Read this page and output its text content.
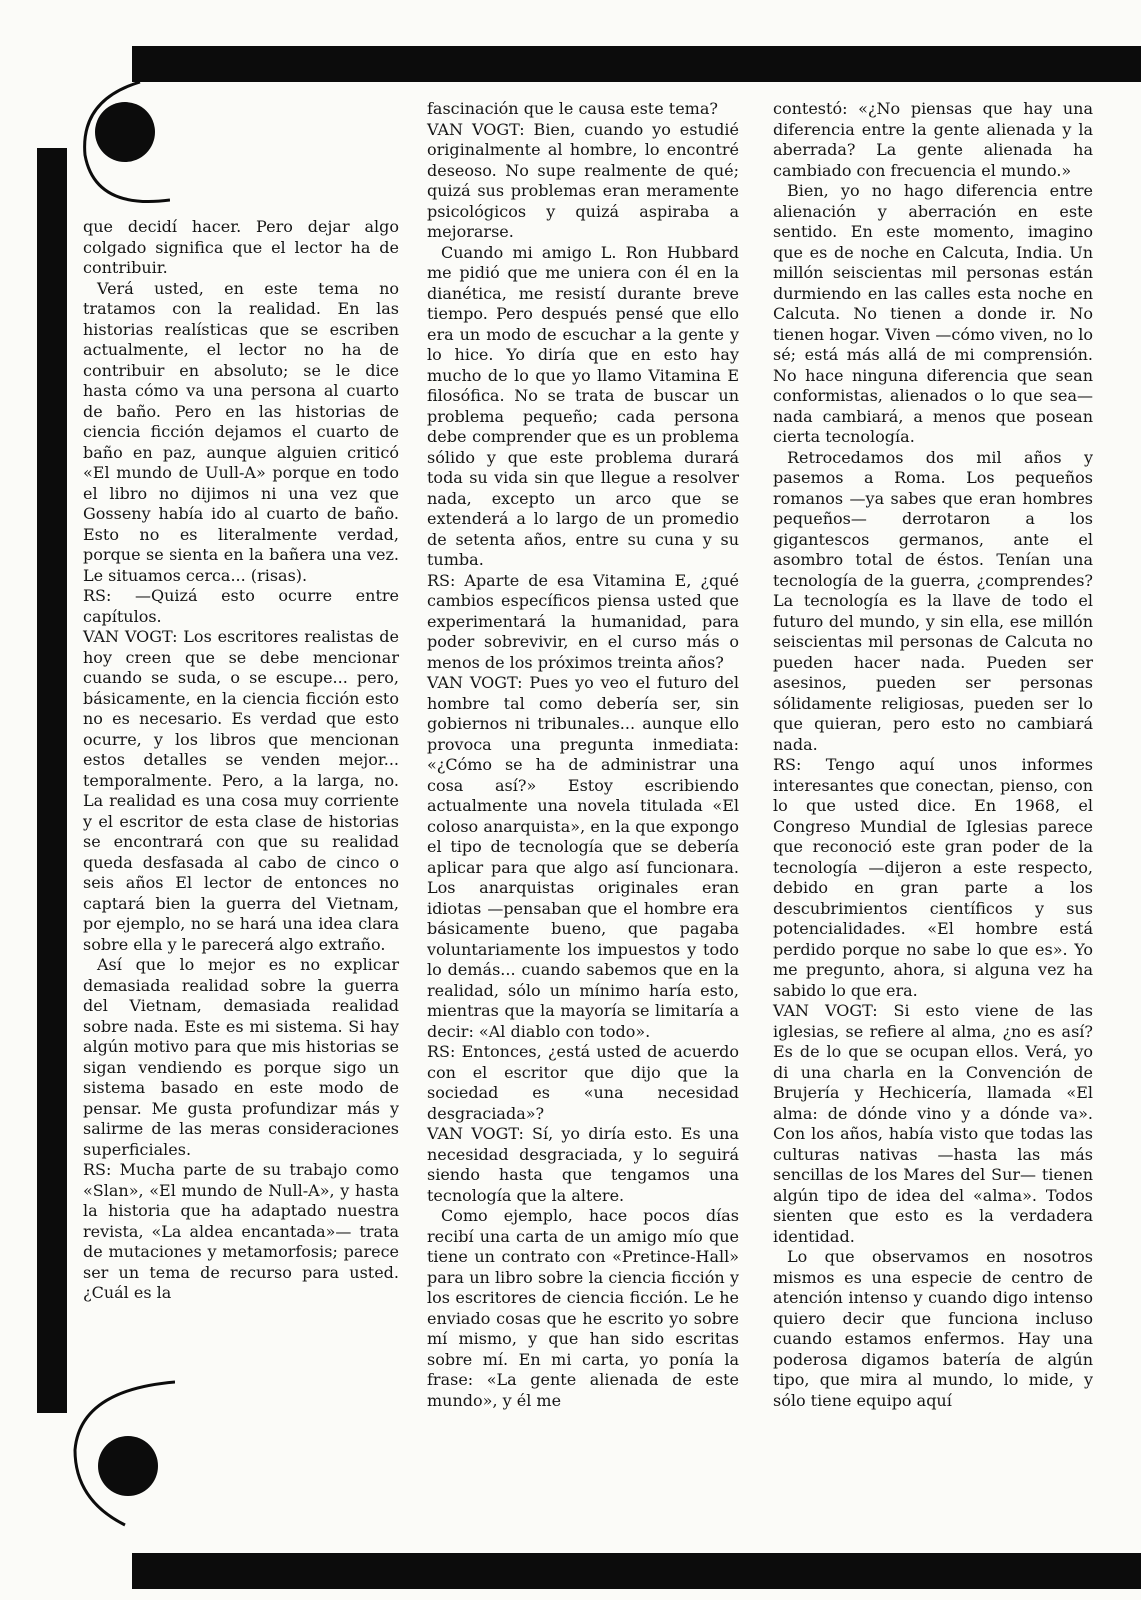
que decidí hacer. Pero dejar algo colgado significa que el lector ha de contribuir.

Verá usted, en este tema no tratamos con la realidad. En las historias realísticas que se escriben actualmente, el lector no ha de contribuir en absoluto; se le dice hasta cómo va una persona al cuarto de baño. Pero en las historias de ciencia ficción dejamos el cuarto de baño en paz, aunque alguien criticó «El mundo de Uull-A» porque en todo el libro no dijimos ni una vez que Gosseny había ido al cuarto de baño. Esto no es literalmente verdad, porque se sienta en la bañera una vez. Le situamos cerca... (risas).

RS: —Quizá esto ocurre entre capítulos.

VAN VOGT: Los escritores realistas de hoy creen que se debe mencionar cuando se suda, o se escupe... pero, básicamente, en la ciencia ficción esto no es necesario. Es verdad que esto ocurre, y los libros que mencionan estos detalles se venden mejor... temporalmente. Pero, a la larga, no. La realidad es una cosa muy corriente y el escritor de esta clase de historias se encontrará con que su realidad queda desfasada al cabo de cinco o seis años El lector de entonces no captará bien la guerra del Vietnam, por ejemplo, no se hará una idea clara sobre ella y le parecerá algo extraño.

Así que lo mejor es no explicar demasiada realidad sobre la guerra del Vietnam, demasiada realidad sobre nada. Este es mi sistema. Si hay algún motivo para que mis historias se sigan vendiendo es porque sigo un sistema basado en este modo de pensar. Me gusta profundizar más y salirme de las meras consideraciones superficiales.

RS: Mucha parte de su trabajo como «Slan», «El mundo de Null-A», y hasta la historia que ha adaptado nuestra revista, «La aldea encantada»— trata de mutaciones y metamorfosis; parece ser un tema de recurso para usted. ¿Cuál es la

fascinación que le causa este tema?

VAN VOGT: Bien, cuando yo estudié originalmente al hombre, lo encontré deseoso. No supe realmente de qué; quizá sus problemas eran meramente psicológicos y quizá aspiraba a mejorarse.

Cuando mi amigo L. Ron Hubbard me pidió que me uniera con él en la dianética, me resistí durante breve tiempo. Pero después pensé que ello era un modo de escuchar a la gente y lo hice. Yo diría que en esto hay mucho de lo que yo llamo Vitamina E filosófica. No se trata de buscar un problema pequeño; cada persona debe comprender que es un problema sólido y que este problema durará toda su vida sin que llegue a resolver nada, excepto un arco que se extenderá a lo largo de un promedio de setenta años, entre su cuna y su tumba.

RS: Aparte de esa Vitamina E, ¿qué cambios específicos piensa usted que experimentará la humanidad, para poder sobrevivir, en el curso más o menos de los próximos treinta años?

VAN VOGT: Pues yo veo el futuro del hombre tal como debería ser, sin gobiernos ni tribunales... aunque ello provoca una pregunta inmediata: «¿Cómo se ha de administrar una cosa así?» Estoy escribiendo actualmente una novela titulada «El coloso anarquista», en la que expongo el tipo de tecnología que se debería aplicar para que algo así funcionara. Los anarquistas originales eran idiotas —pensaban que el hombre era básicamente bueno, que pagaba voluntariamente los impuestos y todo lo demás... cuando sabemos que en la realidad, sólo un mínimo haría esto, mientras que la mayoría se limitaría a decir: «Al diablo con todo».

RS: Entonces, ¿está usted de acuerdo con el escritor que dijo que la sociedad es «una necesidad desgraciada»?

VAN VOGT: Sí, yo diría esto. Es una necesidad desgraciada, y lo seguirá siendo hasta que tengamos una tecnología que la altere.

Como ejemplo, hace pocos días recibí una carta de un amigo mío que tiene un contrato con «Pretince-Hall» para un libro sobre la ciencia ficción y los escritores de ciencia ficción. Le he enviado cosas que he escrito yo sobre mí mismo, y que han sido escritas sobre mí. En mi carta, yo ponía la frase: «La gente alienada de este mundo», y él me

contestó: «¿No piensas que hay una diferencia entre la gente alienada y la aberrada? La gente alienada ha cambiado con frecuencia el mundo.»

Bien, yo no hago diferencia entre alienación y aberración en este sentido. En este momento, imagino que es de noche en Calcuta, India. Un millón seiscientas mil personas están durmiendo en las calles esta noche en Calcuta. No tienen a donde ir. No tienen hogar. Viven —cómo viven, no lo sé; está más allá de mi comprensión. No hace ninguna diferencia que sean conformistas, alienados o lo que sea— nada cambiará, a menos que posean cierta tecnología.

Retrocedamos dos mil años y pasemos a Roma. Los pequeños romanos —ya sabes que eran hombres pequeños— derrotaron a los gigantescos germanos, ante el asombro total de éstos. Tenían una tecnología de la guerra, ¿comprendes? La tecnología es la llave de todo el futuro del mundo, y sin ella, ese millón seiscientas mil personas de Calcuta no pueden hacer nada. Pueden ser asesinos, pueden ser personas sólidamente religiosas, pueden ser lo que quieran, pero esto no cambiará nada.

RS: Tengo aquí unos informes interesantes que conectan, pienso, con lo que usted dice. En 1968, el Congreso Mundial de Iglesias parece que reconoció este gran poder de la tecnología —dijeron a este respecto, debido en gran parte a los descubrimientos científicos y sus potencialidades. «El hombre está perdido porque no sabe lo que es». Yo me pregunto, ahora, si alguna vez ha sabido lo que era.

VAN VOGT: Si esto viene de las iglesias, se refiere al alma, ¿no es así? Es de lo que se ocupan ellos. Verá, yo di una charla en la Convención de Brujería y Hechicería, llamada «El alma: de dónde vino y a dónde va». Con los años, había visto que todas las culturas nativas —hasta las más sencillas de los Mares del Sur— tienen algún tipo de idea del «alma». Todos sienten que esto es la verdadera identidad.

Lo que observamos en nosotros mismos es una especie de centro de atención intenso y cuando digo intenso quiero decir que funciona incluso cuando estamos enfermos. Hay una poderosa digamos batería de algún tipo, que mira al mundo, lo mide, y sólo tiene equipo aquí
